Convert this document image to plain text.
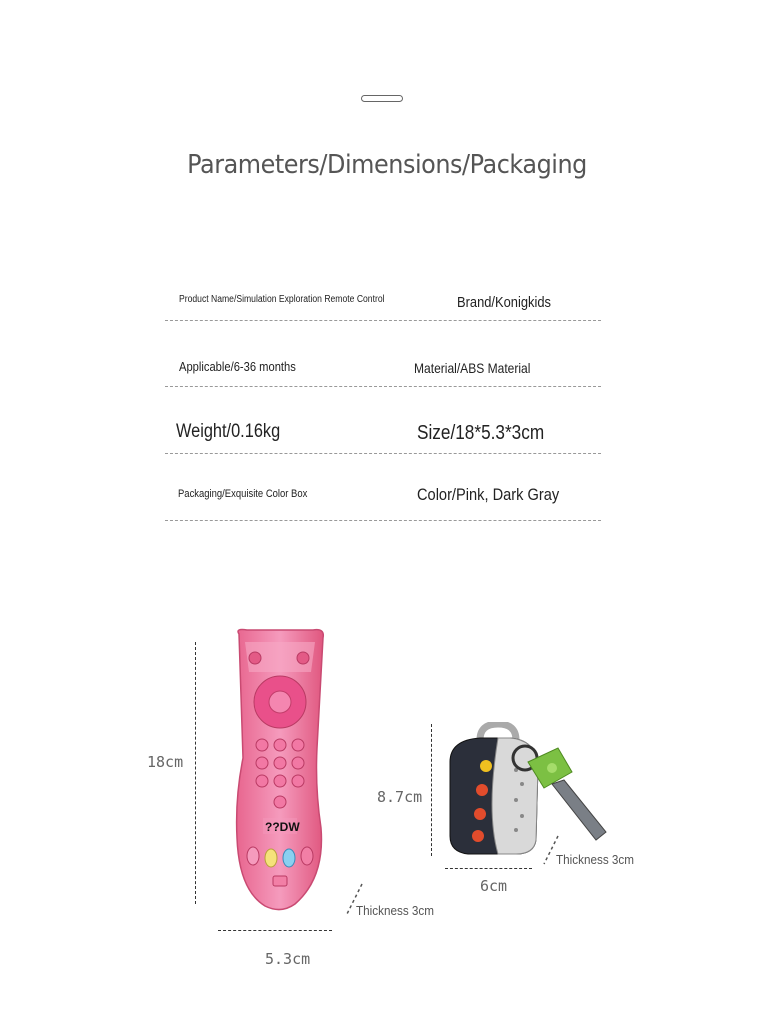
Parameters/Dimensions/Packaging
Product Name/Simulation Exploration Remote Control	Brand/Konigkids
Applicable/6-36 months	Material/ABS Material
Weight/0.16kg	Size/18*5.3*3cm
Packaging/Exquisite Color Box	Color/Pink, Dark Gray
18cm
5.3cm
Thickness 3cm
??DW
8.7cm
6cm
Thickness 3cm
